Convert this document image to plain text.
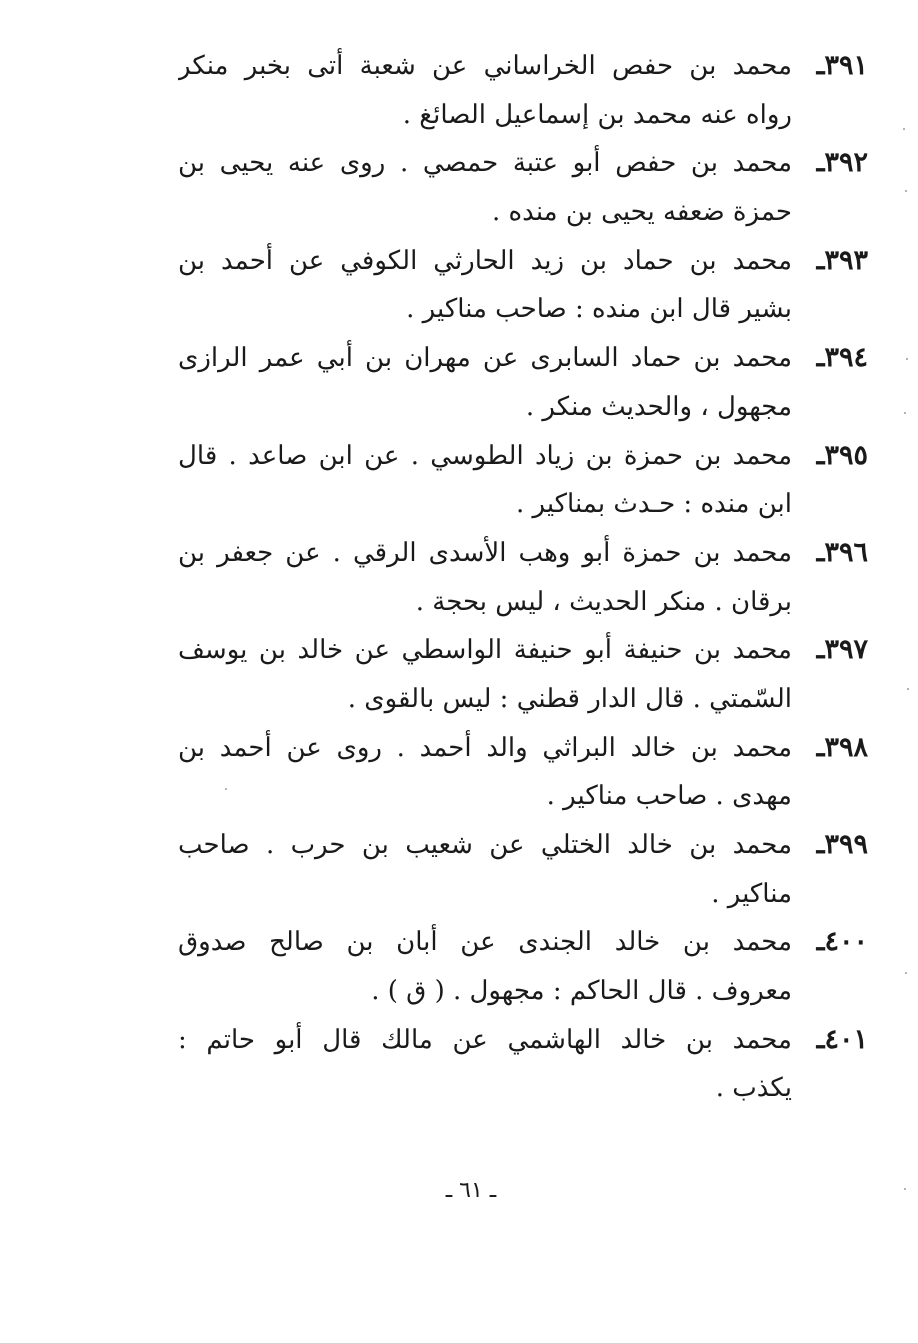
٣٩١ـ
محمد بن حفص الخراساني عن شعبة أتى بخبر منكر
رواه عنه محمد بن إسماعيل الصائغ .
٣٩٢ـ
محمد بن حفص أبو عتبة حمصي . روى عنه يحيى بن
حمزة ضعفه يحيى بن منده .
٣٩٣ـ
محمد بن حماد بن زيد الحارثي الكوفي عن أحمد بن
بشير قال ابن منده : صاحب مناكير .
٣٩٤ـ
محمد بن حماد السابرى عن مهران بن أبي عمر الرازى
مجهول ، والحديث منكر .
٣٩٥ـ
محمد بن حمزة بن زياد الطوسي . عن ابن صاعد . قال
ابن منده : حـدث بمناكير .
٣٩٦ـ
محمد بن حمزة أبو وهب الأسدى الرقي . عن جعفر بن
برقان . منكر الحديث ، ليس بحجة .
٣٩٧ـ
محمد بن حنيفة أبو حنيفة الواسطي عن خالد بن يوسف
السّمتي . قال الدار قطني : ليس بالقوى .
٣٩٨ـ
محمد بن خالد البراثي والد أحمد . روى عن أحمد بن
مهدى . صاحب مناكير .
٣٩٩ـ
محمد بن خالد الختلي عن شعيب بن حرب . صاحب
مناكير .
٤٠٠ـ
محمد بن خالد الجندى عن أبان بن صالح صدوق
معروف . قال الحاكم : مجهول . ( ق ) .
٤٠١ـ
محمد بن خالد الهاشمي عن مالك قال أبو حاتم :
يكذب .
ـ ٦١ ـ
